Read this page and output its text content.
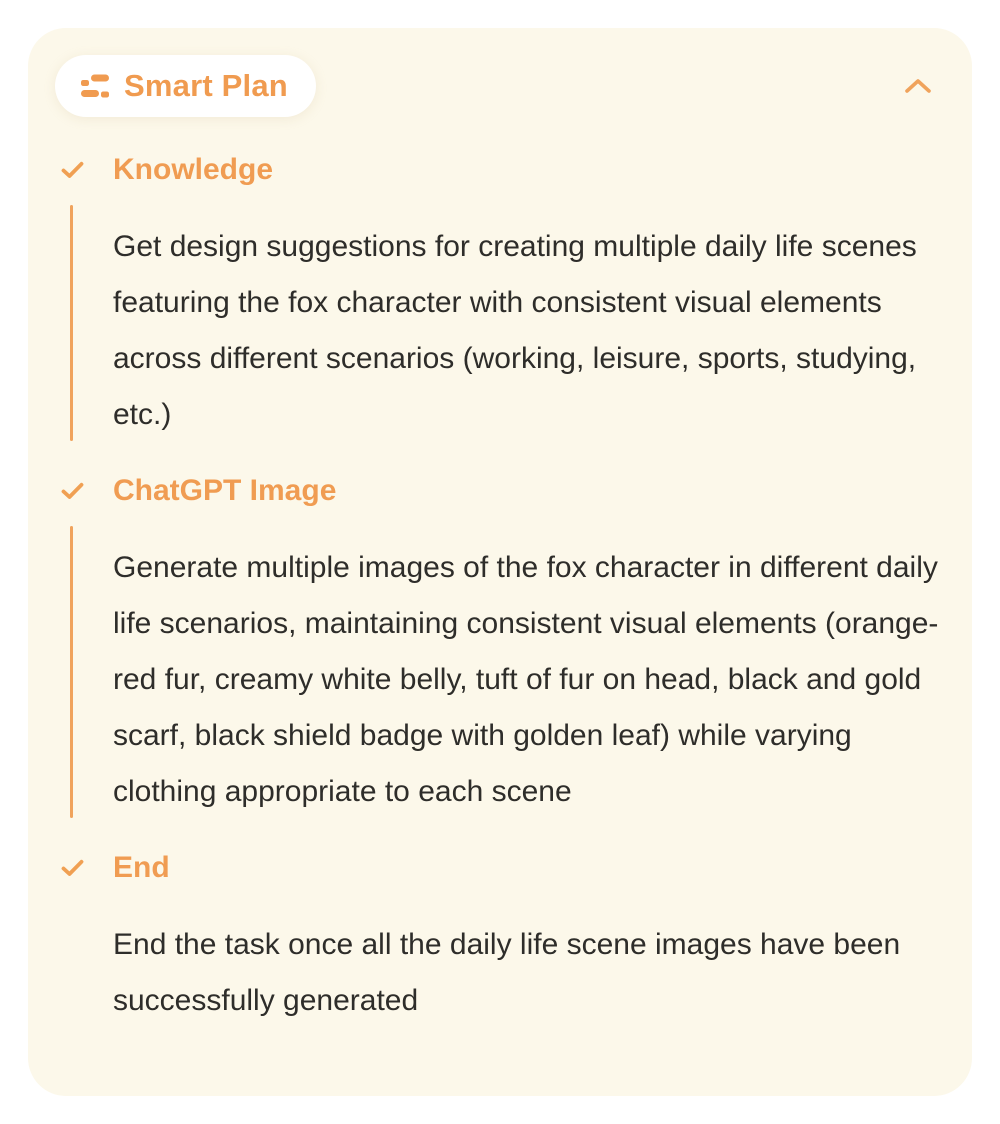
Smart Plan
Knowledge

Get design suggestions for creating multiple daily life scenes featuring the fox character with consistent visual elements across different scenarios (working, leisure, sports, studying, etc.)

ChatGPT Image

Generate multiple images of the fox character in different daily life scenarios, maintaining consistent visual elements (orange-red fur, creamy white belly, tuft of fur on head, black and gold scarf, black shield badge with golden leaf) while varying clothing appropriate to each scene

End

End the task once all the daily life scene images have been successfully generated
